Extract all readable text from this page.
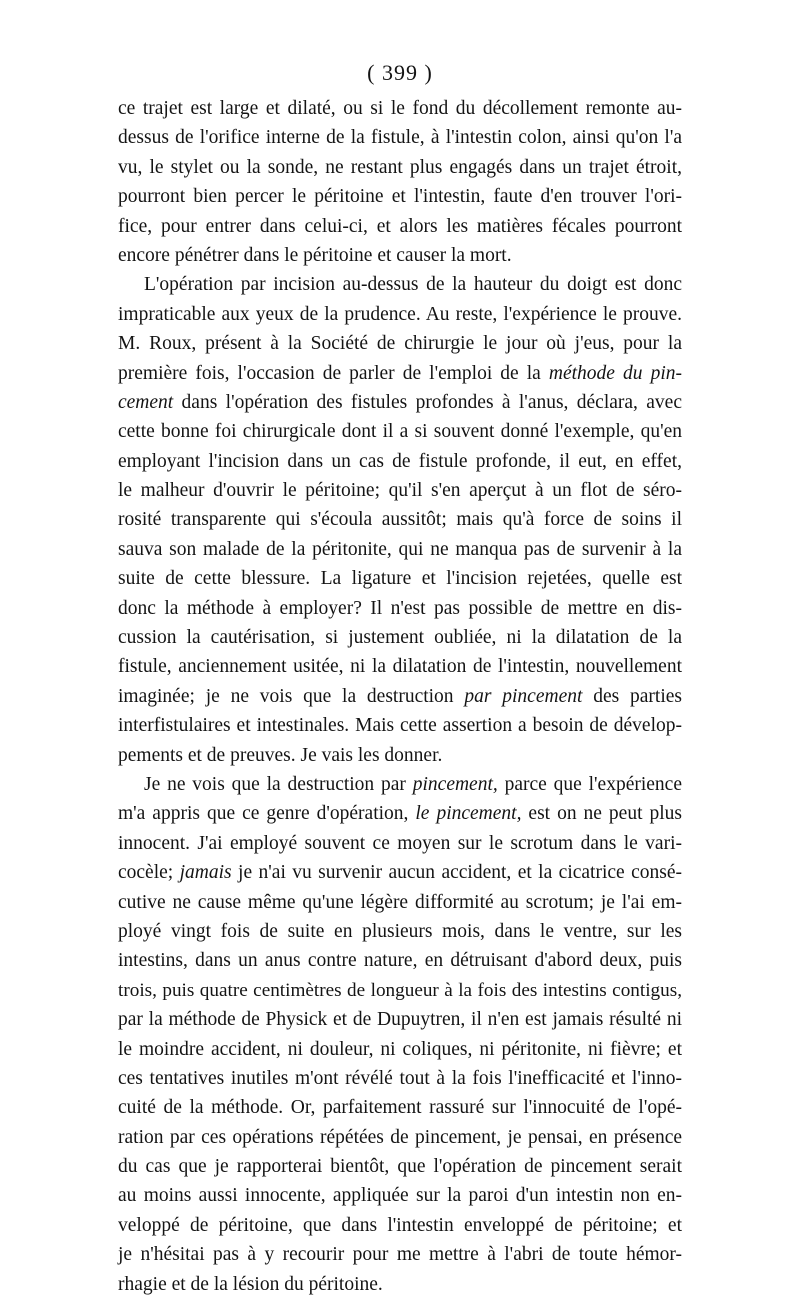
( 399 )
ce trajet est large et dilaté, ou si le fond du décollement remonte au-
dessus de l'orifice interne de la fistule, à l'intestin colon, ainsi qu'on l'a
vu, le stylet ou la sonde, ne restant plus engagés dans un trajet étroit,
pourront bien percer le péritoine et l'intestin, faute d'en trouver l'ori-
fice, pour entrer dans celui-ci, et alors les matières fécales pourront
encore pénétrer dans le péritoine et causer la mort.
L'opération par incision au-dessus de la hauteur du doigt est donc
impraticable aux yeux de la prudence. Au reste, l'expérience le prouve.
M. Roux, présent à la Société de chirurgie le jour où j'eus, pour la
première fois, l'occasion de parler de l'emploi de la méthode du pin-
cement dans l'opération des fistules profondes à l'anus, déclara, avec
cette bonne foi chirurgicale dont il a si souvent donné l'exemple, qu'en
employant l'incision dans un cas de fistule profonde, il eut, en effet,
le malheur d'ouvrir le péritoine; qu'il s'en aperçut à un flot de séro-
rosité transparente qui s'écoula aussitôt; mais qu'à force de soins il
sauva son malade de la péritonite, qui ne manqua pas de survenir à la
suite de cette blessure. La ligature et l'incision rejetées, quelle est
donc la méthode à employer? Il n'est pas possible de mettre en dis-
cussion la cautérisation, si justement oubliée, ni la dilatation de la
fistule, anciennement usitée, ni la dilatation de l'intestin, nouvellement
imaginée; je ne vois que la destruction par pincement des parties
interfistulaires et intestinales. Mais cette assertion a besoin de dévelop-
pements et de preuves. Je vais les donner.
Je ne vois que la destruction par pincement, parce que l'expérience
m'a appris que ce genre d'opération, le pincement, est on ne peut plus
innocent. J'ai employé souvent ce moyen sur le scrotum dans le vari-
cocèle; jamais je n'ai vu survenir aucun accident, et la cicatrice consé-
cutive ne cause même qu'une légère difformité au scrotum; je l'ai em-
ployé vingt fois de suite en plusieurs mois, dans le ventre, sur les
intestins, dans un anus contre nature, en détruisant d'abord deux, puis
trois, puis quatre centimètres de longueur à la fois des intestins contigus,
par la méthode de Physick et de Dupuytren, il n'en est jamais résulté ni
le moindre accident, ni douleur, ni coliques, ni péritonite, ni fièvre; et
ces tentatives inutiles m'ont révélé tout à la fois l'inefficacité et l'inno-
cuité de la méthode. Or, parfaitement rassuré sur l'innocuité de l'opé-
ration par ces opérations répétées de pincement, je pensai, en présence
du cas que je rapporterai bientôt, que l'opération de pincement serait
au moins aussi innocente, appliquée sur la paroi d'un intestin non en-
veloppé de péritoine, que dans l'intestin enveloppé de péritoine; et
je n'hésitai pas à y recourir pour me mettre à l'abri de toute hémor-
rhagie et de la lésion du péritoine.
